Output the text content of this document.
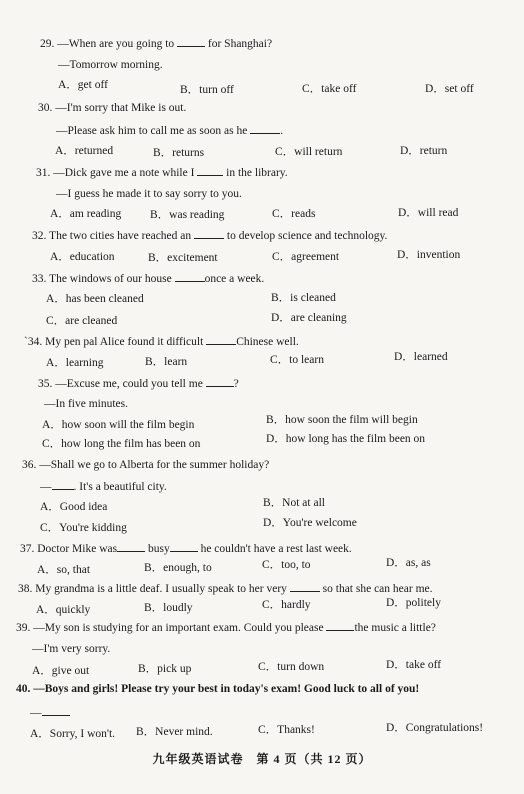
29. —When are you going to	for Shanghai?
—Tomorrow morning.
A．get off	B．turn off	C．take off	D．set off
30. —I'm sorry that Mike is out.
—Please ask him to call me as soon as he	.
A．returned	B．returns	C．will return	D．return
31. —Dick gave me a note while I	in the library.
—I guess he made it to say sorry to you.
A．am reading	B．was reading	C．reads	D．will read
32. The two cities have reached an	to develop science and technology.
A．education	B．excitement	C．agreement	D．invention
33. The windows of our house	once a week.
A．has been cleaned	B．is cleaned
C．are cleaned	D．are cleaning
`34. My pen pal Alice found it difficult	Chinese well.
A．learning	B．learn	C．to learn	D．learned
35. —Excuse me, could you tell me	?
—In five minutes.
A．how soon will the film begin	B．how soon the film will begin
C．how long the film has been on	D．how long has the film been on
36. —Shall we go to Alberta for the summer holiday?
— . It's a beautiful city.
A．Good idea	B．Not at all
C．You're kidding	D．You're welcome
37. Doctor Mike was	busy	he couldn't have a rest last week.
A．so, that	B．enough, to	C．too, to	D．as, as
38. My grandma is a little deaf. I usually speak to her very	so that she can hear me.
A．quickly	B．loudly	C．hardly	D．politely
39. —My son is studying for an important exam. Could you please	the music a little?
—I'm very sorry.
A．give out	B．pick up	C．turn down	D．take off
40. —Boys and girls! Please try your best in today's exam! Good luck to all of you!
—
A．Sorry, I won't. B．Never mind.	C．Thanks!	D．Congratulations!
九年级英语试卷　第 4 页（共 12 页）
